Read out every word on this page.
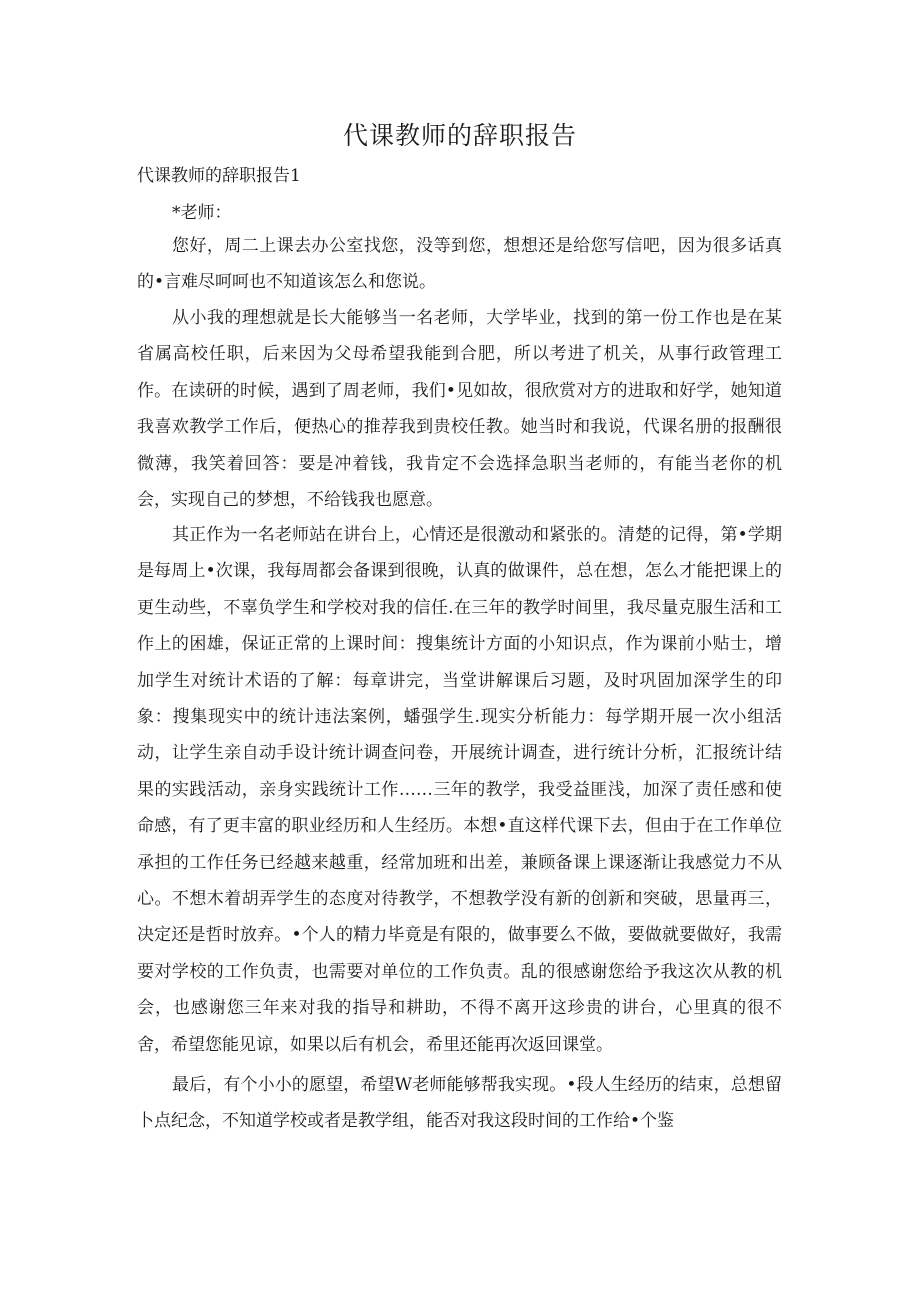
代课教师的辞职报告

代课教师的辞职报告1

*老师：

您好，周二上课去办公室找您，没等到您，想想还是给您写信吧，因为很多话真的•言难尽呵呵也不知道该怎么和您说。

从小我的理想就是长大能够当一名老师，大学毕业，找到的第一份工作也是在某省属高校任职，后来因为父母希望我能到合肥，所以考进了机关，从事行政管理工作。在读研的时候，遇到了周老师，我们•见如故，很欣赏对方的进取和好学，她知道我喜欢教学工作后，便热心的推荐我到贵校任教。她当时和我说，代课名册的报酬很微薄，我笑着回答：要是冲着钱，我肯定不会选择急职当老师的，有能当老你的机会，实现自己的梦想，不给钱我也愿意。

其正作为一名老师站在讲台上，心情还是很激动和紧张的。清楚的记得，第•学期是每周上•次课，我每周都会备课到很晚，认真的做课件，总在想，怎么才能把课上的更生动些，不辜负学生和学校对我的信任.在三年的教学时间里，我尽量克服生活和工作上的困雄，保证正常的上课时间：搜集统计方面的小知识点，作为课前小贴士，增加学生对统计术语的了解：每章讲完，当堂讲解课后习题，及时巩固加深学生的印象：搜集现实中的统计违法案例，蟠强学生.现实分析能力：每学期开展一次小组活动，让学生亲自动手设计统计调查问卷，开展统计调查，进行统计分析，汇报统计结果的实践活动，亲身实践统计工作……三年的教学，我受益匪浅，加深了责任感和使命感，有了更丰富的职业经历和人生经历。本想•直这样代课下去，但由于在工作单位承担的工作任务已经越来越重，经常加班和出差，兼顾备课上课逐渐让我感觉力不从心。不想木着胡弄学生的态度对待教学，不想教学没有新的创新和突破，思量再三，决定还是哲时放弃。•个人的精力毕竟是有限的，做事要么不做，要做就要做好，我需要对学校的工作负责，也需要对单位的工作负责。乱的很感谢您给予我这次从教的机会，也感谢您三年来对我的指导和耕助，不得不离开这珍贵的讲台，心里真的很不舍，希望您能见谅，如果以后有机会，希里还能再次返回课堂。

最后，有个小小的愿望，希望W老师能够帮我实现。•段人生经历的结束，总想留卜点纪念，不知道学校或者是教学组，能否对我这段时间的工作给•个鉴
